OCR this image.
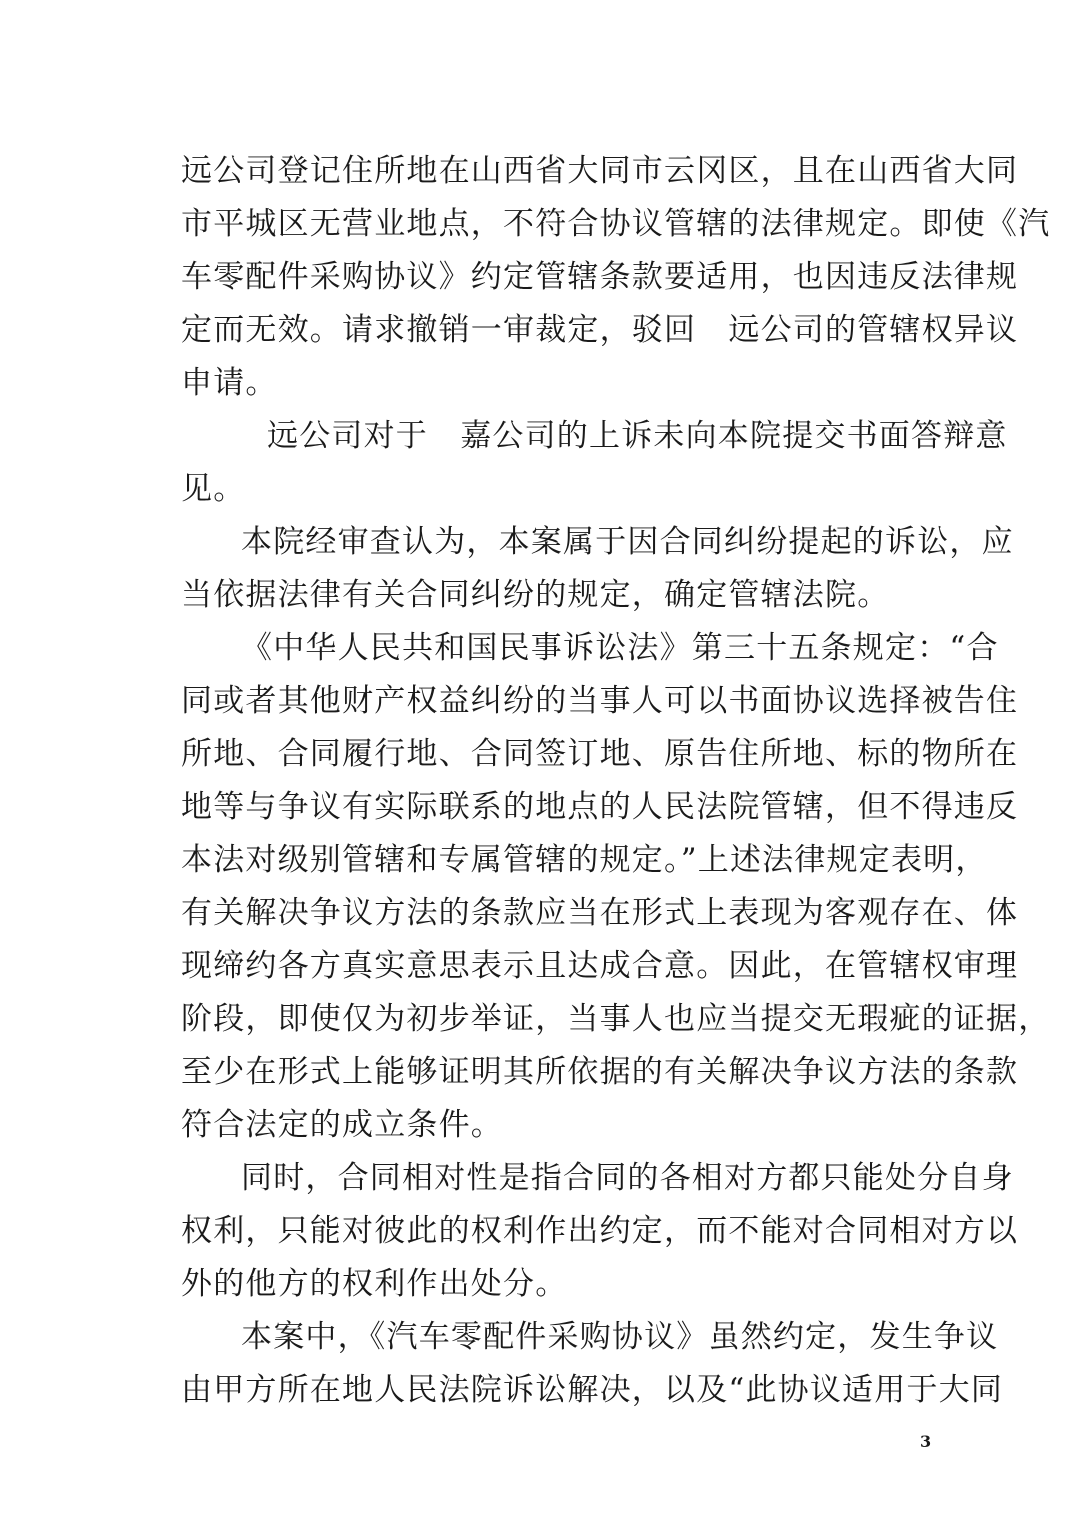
远公司登记住所地在山西省大同市云冈区，且在山西省大同
市平城区无营业地点，不符合协议管辖的法律规定。即使《汽
车零配件采购协议》约定管辖条款要适用，也因违反法律规
定而无效。请求撤销一审裁定，驳回　远公司的管辖权异议
申请。
远公司对于　嘉公司的上诉未向本院提交书面答辩意
见。
本院经审查认为，本案属于因合同纠纷提起的诉讼，应
当依据法律有关合同纠纷的规定，确定管辖法院。
《中华人民共和国民事诉讼法》第三十五条规定：“合
同或者其他财产权益纠纷的当事人可以书面协议选择被告住
所地、合同履行地、合同签订地、原告住所地、标的物所在
地等与争议有实际联系的地点的人民法院管辖，但不得违反
本法对级别管辖和专属管辖的规定。”上述法律规定表明，
有关解决争议方法的条款应当在形式上表现为客观存在、体
现缔约各方真实意思表示且达成合意。因此，在管辖权审理
阶段，即使仅为初步举证，当事人也应当提交无瑕疵的证据，
至少在形式上能够证明其所依据的有关解决争议方法的条款
符合法定的成立条件。
同时，合同相对性是指合同的各相对方都只能处分自身
权利，只能对彼此的权利作出约定，而不能对合同相对方以
外的他方的权利作出处分。
本案中，《汽车零配件采购协议》虽然约定，发生争议
由甲方所在地人民法院诉讼解决，以及“此协议适用于大同
3
